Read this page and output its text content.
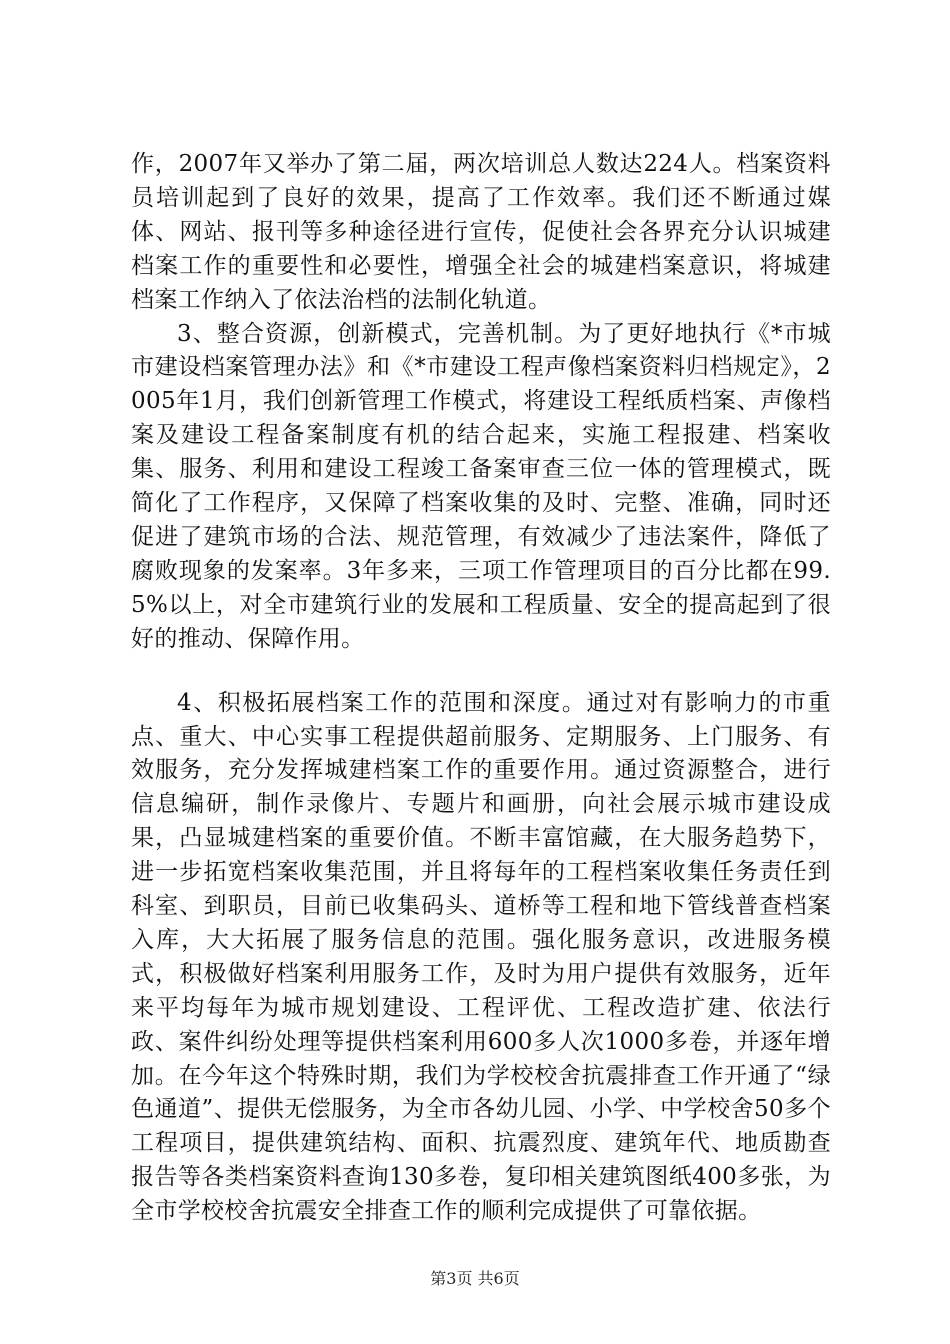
作，2007年又举办了第二届，两次培训总人数达224人。档案资料员培训起到了良好的效果，提高了工作效率。我们还不断通过媒体、网站、报刊等多种途径进行宣传，促使社会各界充分认识城建档案工作的重要性和必要性，增强全社会的城建档案意识，将城建档案工作纳入了依法治档的法制化轨道。

3、整合资源，创新模式，完善机制。为了更好地执行《*市城市建设档案管理办法》和《*市建设工程声像档案资料归档规定》，2005年1月，我们创新管理工作模式，将建设工程纸质档案、声像档案及建设工程备案制度有机的结合起来，实施工程报建、档案收集、服务、利用和建设工程竣工备案审查三位一体的管理模式，既简化了工作程序，又保障了档案收集的及时、完整、准确，同时还促进了建筑市场的合法、规范管理，有效减少了违法案件，降低了腐败现象的发案率。3年多来，三项工作管理项目的百分比都在99.5%以上，对全市建筑行业的发展和工程质量、安全的提高起到了很好的推动、保障作用。

4、积极拓展档案工作的范围和深度。通过对有影响力的市重点、重大、中心实事工程提供超前服务、定期服务、上门服务、有效服务，充分发挥城建档案工作的重要作用。通过资源整合，进行信息编研，制作录像片、专题片和画册，向社会展示城市建设成果，凸显城建档案的重要价值。不断丰富馆藏，在大服务趋势下，进一步拓宽档案收集范围，并且将每年的工程档案收集任务责任到科室、到职员，目前已收集码头、道桥等工程和地下管线普查档案入库，大大拓展了服务信息的范围。强化服务意识，改进服务模式，积极做好档案利用服务工作，及时为用户提供有效服务，近年来平均每年为城市规划建设、工程评优、工程改造扩建、依法行政、案件纠纷处理等提供档案利用600多人次1000多卷，并逐年增加。在今年这个特殊时期，我们为学校校舍抗震排查工作开通了“绿色通道”、提供无偿服务，为全市各幼儿园、小学、中学校舍50多个工程项目，提供建筑结构、面积、抗震烈度、建筑年代、地质勘查报告等各类档案资料查询130多卷，复印相关建筑图纸400多张，为全市学校校舍抗震安全排查工作的顺利完成提供了可靠依据。

第3页 共6页
